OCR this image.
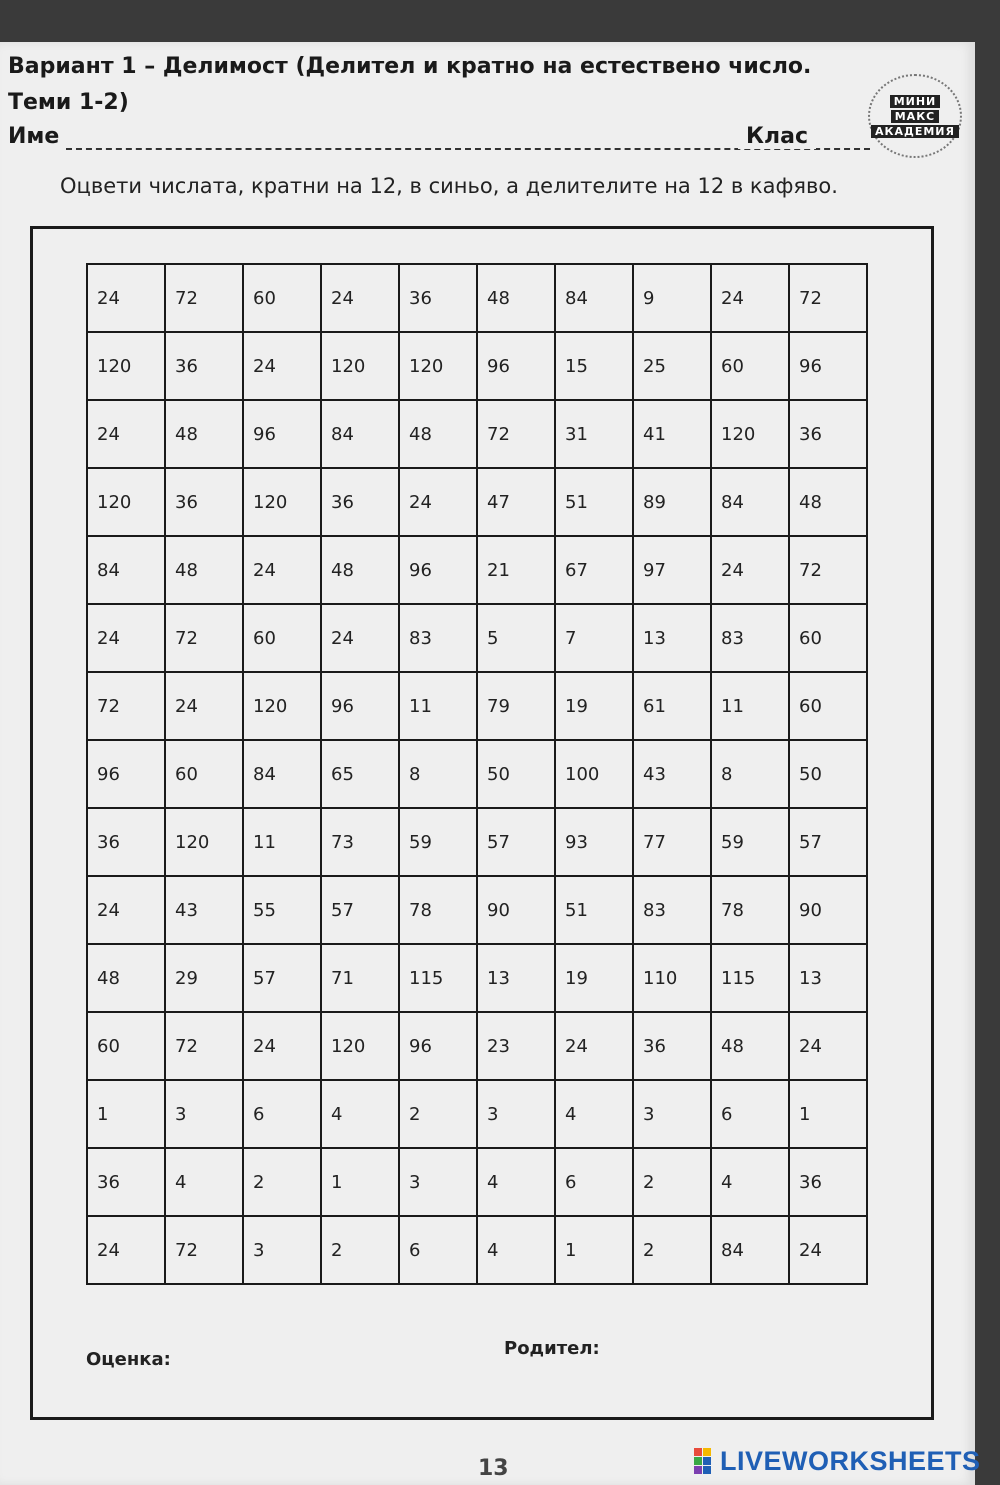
Вариант 1 – Делимост (Делител и кратно на естествено число.
Теми 1-2)
Име	Клас
МИНИ
МАКС
АКАДЕМИЯ
Оцвети числата, кратни на 12, в синьо, а делителите на 12 в кафяво.
24	72	60	24	36	48	84	9	24	72
120	36	24	120	120	96	15	25	60	96
24	48	96	84	48	72	31	41	120	36
120	36	120	36	24	47	51	89	84	48
84	48	24	48	96	21	67	97	24	72
24	72	60	24	83	5	7	13	83	60
72	24	120	96	11	79	19	61	11	60
96	60	84	65	8	50	100	43	8	50
36	120	11	73	59	57	93	77	59	57
24	43	55	57	78	90	51	83	78	90
48	29	57	71	115	13	19	110	115	13
60	72	24	120	96	23	24	36	48	24
1	3	6	4	2	3	4	3	6	1
36	4	2	1	3	4	6	2	4	36
24	72	3	2	6	4	1	2	84	24
Оценка:
Родител:
13	LIVEWORKSHEETS
